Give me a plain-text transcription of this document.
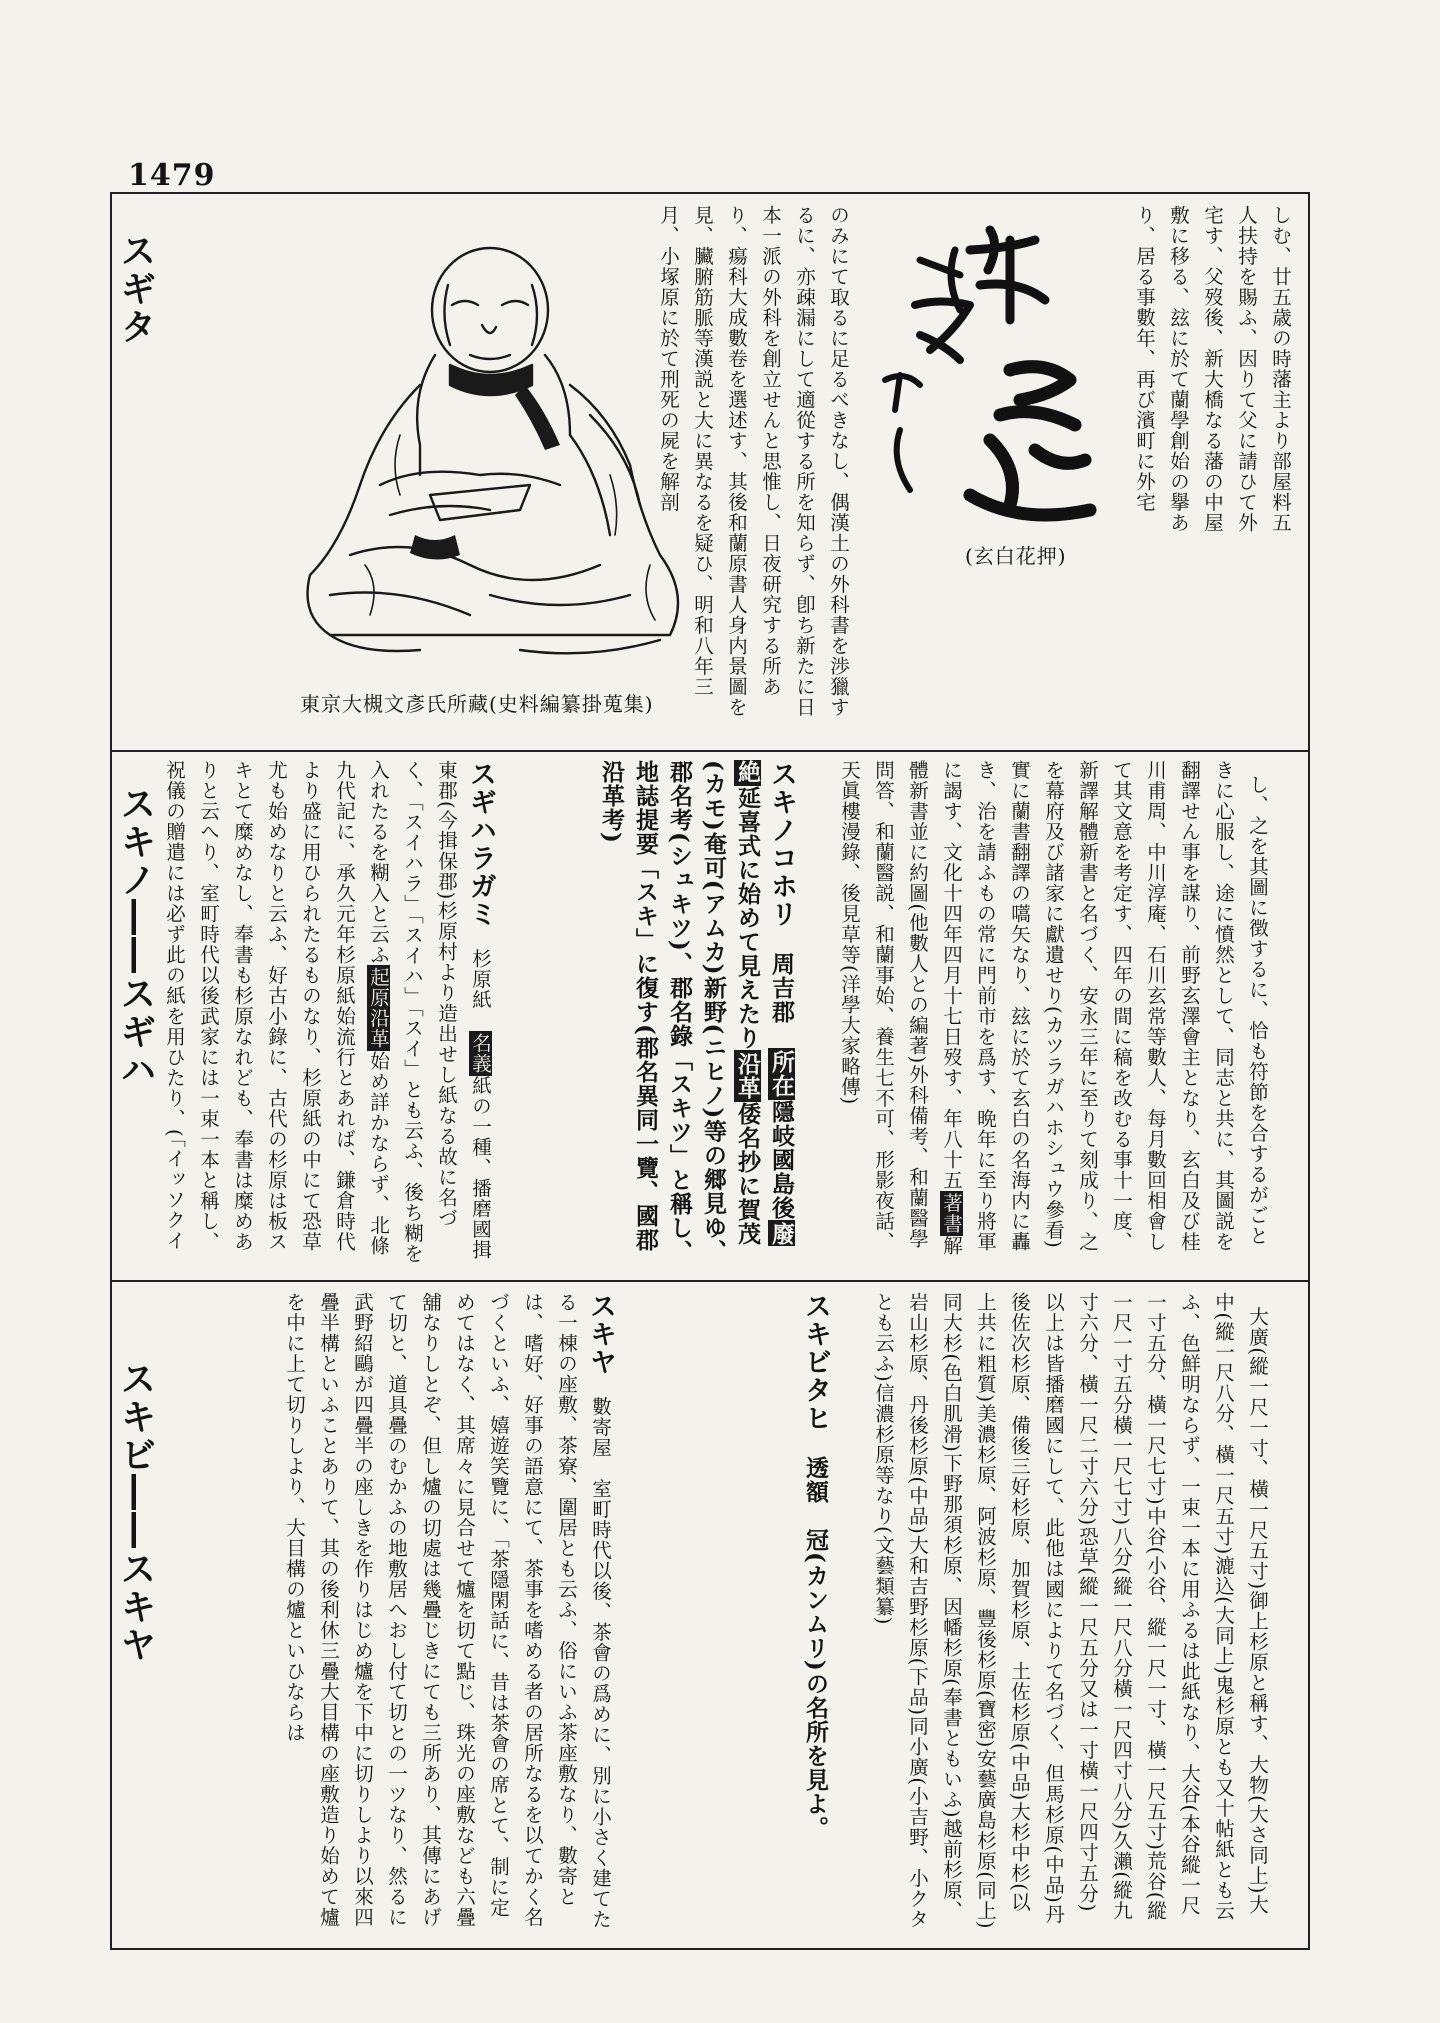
1479
スギタ
スキノ――スギハ
スキビ――スキヤ
しむ、廿五歳の時藩主より部屋料五人扶持を賜ふ、因りて父に請ひて外宅す、父歿後、新大橋なる藩の中屋敷に移る、玆に於て蘭學創始の擧あり、居る事數年、再び濱町に外宅
(玄白花押)

のみにて取るに足るべきなし、偶漢土の外科書を渉獵するに、亦疎漏にして適從する所を知らず、卽ち新たに日本一派の外科を創立せんと思惟し、日夜研究する所あり、瘍科大成數卷を選述す、其後和蘭原書人身内景圖を見、臟腑筋脈等漢説と大に異なるを疑ひ、明和八年三月、小塚原に於て刑死の屍を解剖
東京大槻文彥氏所藏(史料編纂掛蒐集)

し、之を其圖に徴するに、恰も符節を合するがごときに心服し、途に憤然として、同志と共に、其圖説を翻譯せん事を謀り、前野玄澤會主となり、玄白及び桂川甫周、中川淳庵、石川玄常等數人、每月數回相會して其文意を考定す、四年の間に稿を改むる事十一度、新譯解體新書と名づく、安永三年に至りて刻成り、之を幕府及び諸家に獻遺せり(カツラガハホシュウ參看)實に蘭書翻譯の嚆矢なり、玆に於て玄白の名海内に轟き、治を請ふもの常に門前市を爲す、晩年に至り將軍に謁す、文化十四年四月十七日歿す、年八十五著書解體新書並に約圖(他數人との編著)外科備考、和蘭醫學問答、和蘭醫説、和蘭事始、養生七不可、形影夜話、天眞樓漫錄、後見草等(洋學大家略傳)

スキノコホリ　周吉郡　所在隱岐國島後廢絶延喜式に始めて見えたり沿革倭名抄に賀茂(カモ)奄可(アムカ)新野(ニヒノ)等の郷見ゆ、郡名考(シュキツ)、郡名錄「スキツ」と稱し、地誌提要「スキ」に復す(郡名異同一覽、國郡沿革考)

スギハラガミ　杉原紙　名義紙の一種、播磨國揖東郡(今揖保郡)杉原村より造出せし紙なる故に名づく、「スイハラ」「スイハ」「スイ」とも云ふ、後ち糊を入れたるを糊入と云ふ起原沿革始め詳かならず、北條九代記に、承久元年杉原紙始流行とあれば、鎌倉時代より盛に用ひられたるものなり、杉原紙の中にて恐草尤も始めなりと云ふ、好古小錄に、古代の杉原は板スキとて糜めなし、奉書も杉原なれども、奉書は糜めありと云へり、室町時代以後武家には一束一本と稱し、祝儀の贈遣には必ず此の紙を用ひたり、(「イッソクイ

大廣(縱一尺一寸、橫一尺五寸)御上杉原と稱す、大物(大さ同上)大中(縱一尺八分、橫一尺五寸)漉込(大同上)鬼杉原とも又十帖紙とも云ふ、色鮮明ならず、一束一本に用ふるは此紙なり、大谷(本谷縱一尺一寸五分、橫一尺七寸)中谷(小谷、縱一尺一寸、橫一尺五寸)荒谷(縱一尺一寸五分橫一尺七寸)八分(縱一尺八分橫一尺四寸八分)久瀨(縱九寸六分、橫一尺二寸六分)恐草(縱一尺五分又は一寸橫一尺四寸五分)以上は皆播磨國にして、此他は國によりて名づく、但馬杉原(中品)丹後佐次杉原、備後三好杉原、加賀杉原、土佐杉原(中品)大杉中杉(以上共に粗質)美濃杉原、阿波杉原、豐後杉原(寶密)安藝廣島杉原(同上)同大杉(色白肌滑)下野那須杉原、因幡杉原(奉書ともいふ)越前杉原、岩山杉原、丹後杉原(中品)大和吉野杉原(下品)同小廣(小吉野、小クタとも云ふ)信濃杉原等なり(文藝類纂)

スキビタヒ　透額　冠(カンムリ)の名所を見よ。

スキヤ　數寄屋　室町時代以後、茶會の爲めに、別に小さく建てたる一棟の座敷、茶寮、圍居とも云ふ、俗にいふ茶座敷なり、數寄とは、嗜好、好事の語意にて、茶事を嗜める者の居所なるを以てかく名づくといふ、嬉遊笑覽に、「茶隱閑話に、昔は茶會の席とて、制に定めてはなく、其席々に見合せて爐を切て點じ、珠光の座敷なども六疊舖なりしとぞ、但し爐の切處は幾疊じきにても三所あり、其傳にあげて切と、道具疊のむかふの地敷居へおし付て切との一ツなり、然るに武野紹鷗が四疊半の座しきを作りはじめ爐を下中に切りしより以來四疊半構といふことありて、其の後利休三疊大目構の座敷造り始めて爐を中に上て切りしより、大目構の爐といひならは
